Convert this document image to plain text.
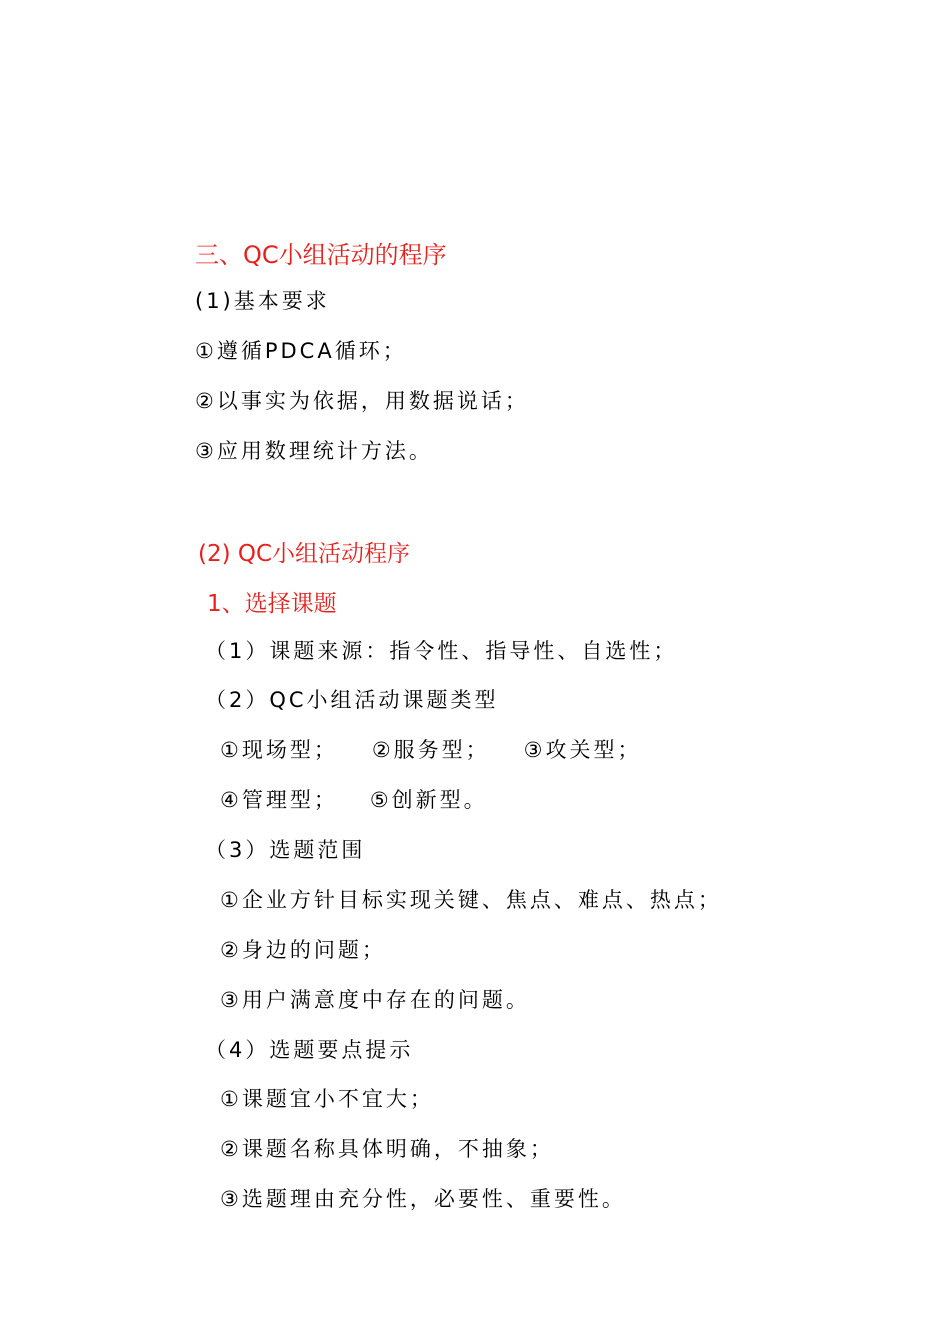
三、QC小组活动的程序
(1)基本要求
①遵循PDCA循环；
②以事实为依据，用数据说话；
③应用数理统计方法。
(2) QC小组活动程序
1、选择课题
（1）课题来源：指令性、指导性、自选性；
（2）QC小组活动课题类型
①现场型； ②服务型； ③攻关型；
④管理型； ⑤创新型。
（3）选题范围
①企业方针目标实现关键、焦点、难点、热点；
②身边的问题；
③用户满意度中存在的问题。
（4）选题要点提示
①课题宜小不宜大；
②课题名称具体明确，不抽象；
③选题理由充分性，必要性、重要性。
